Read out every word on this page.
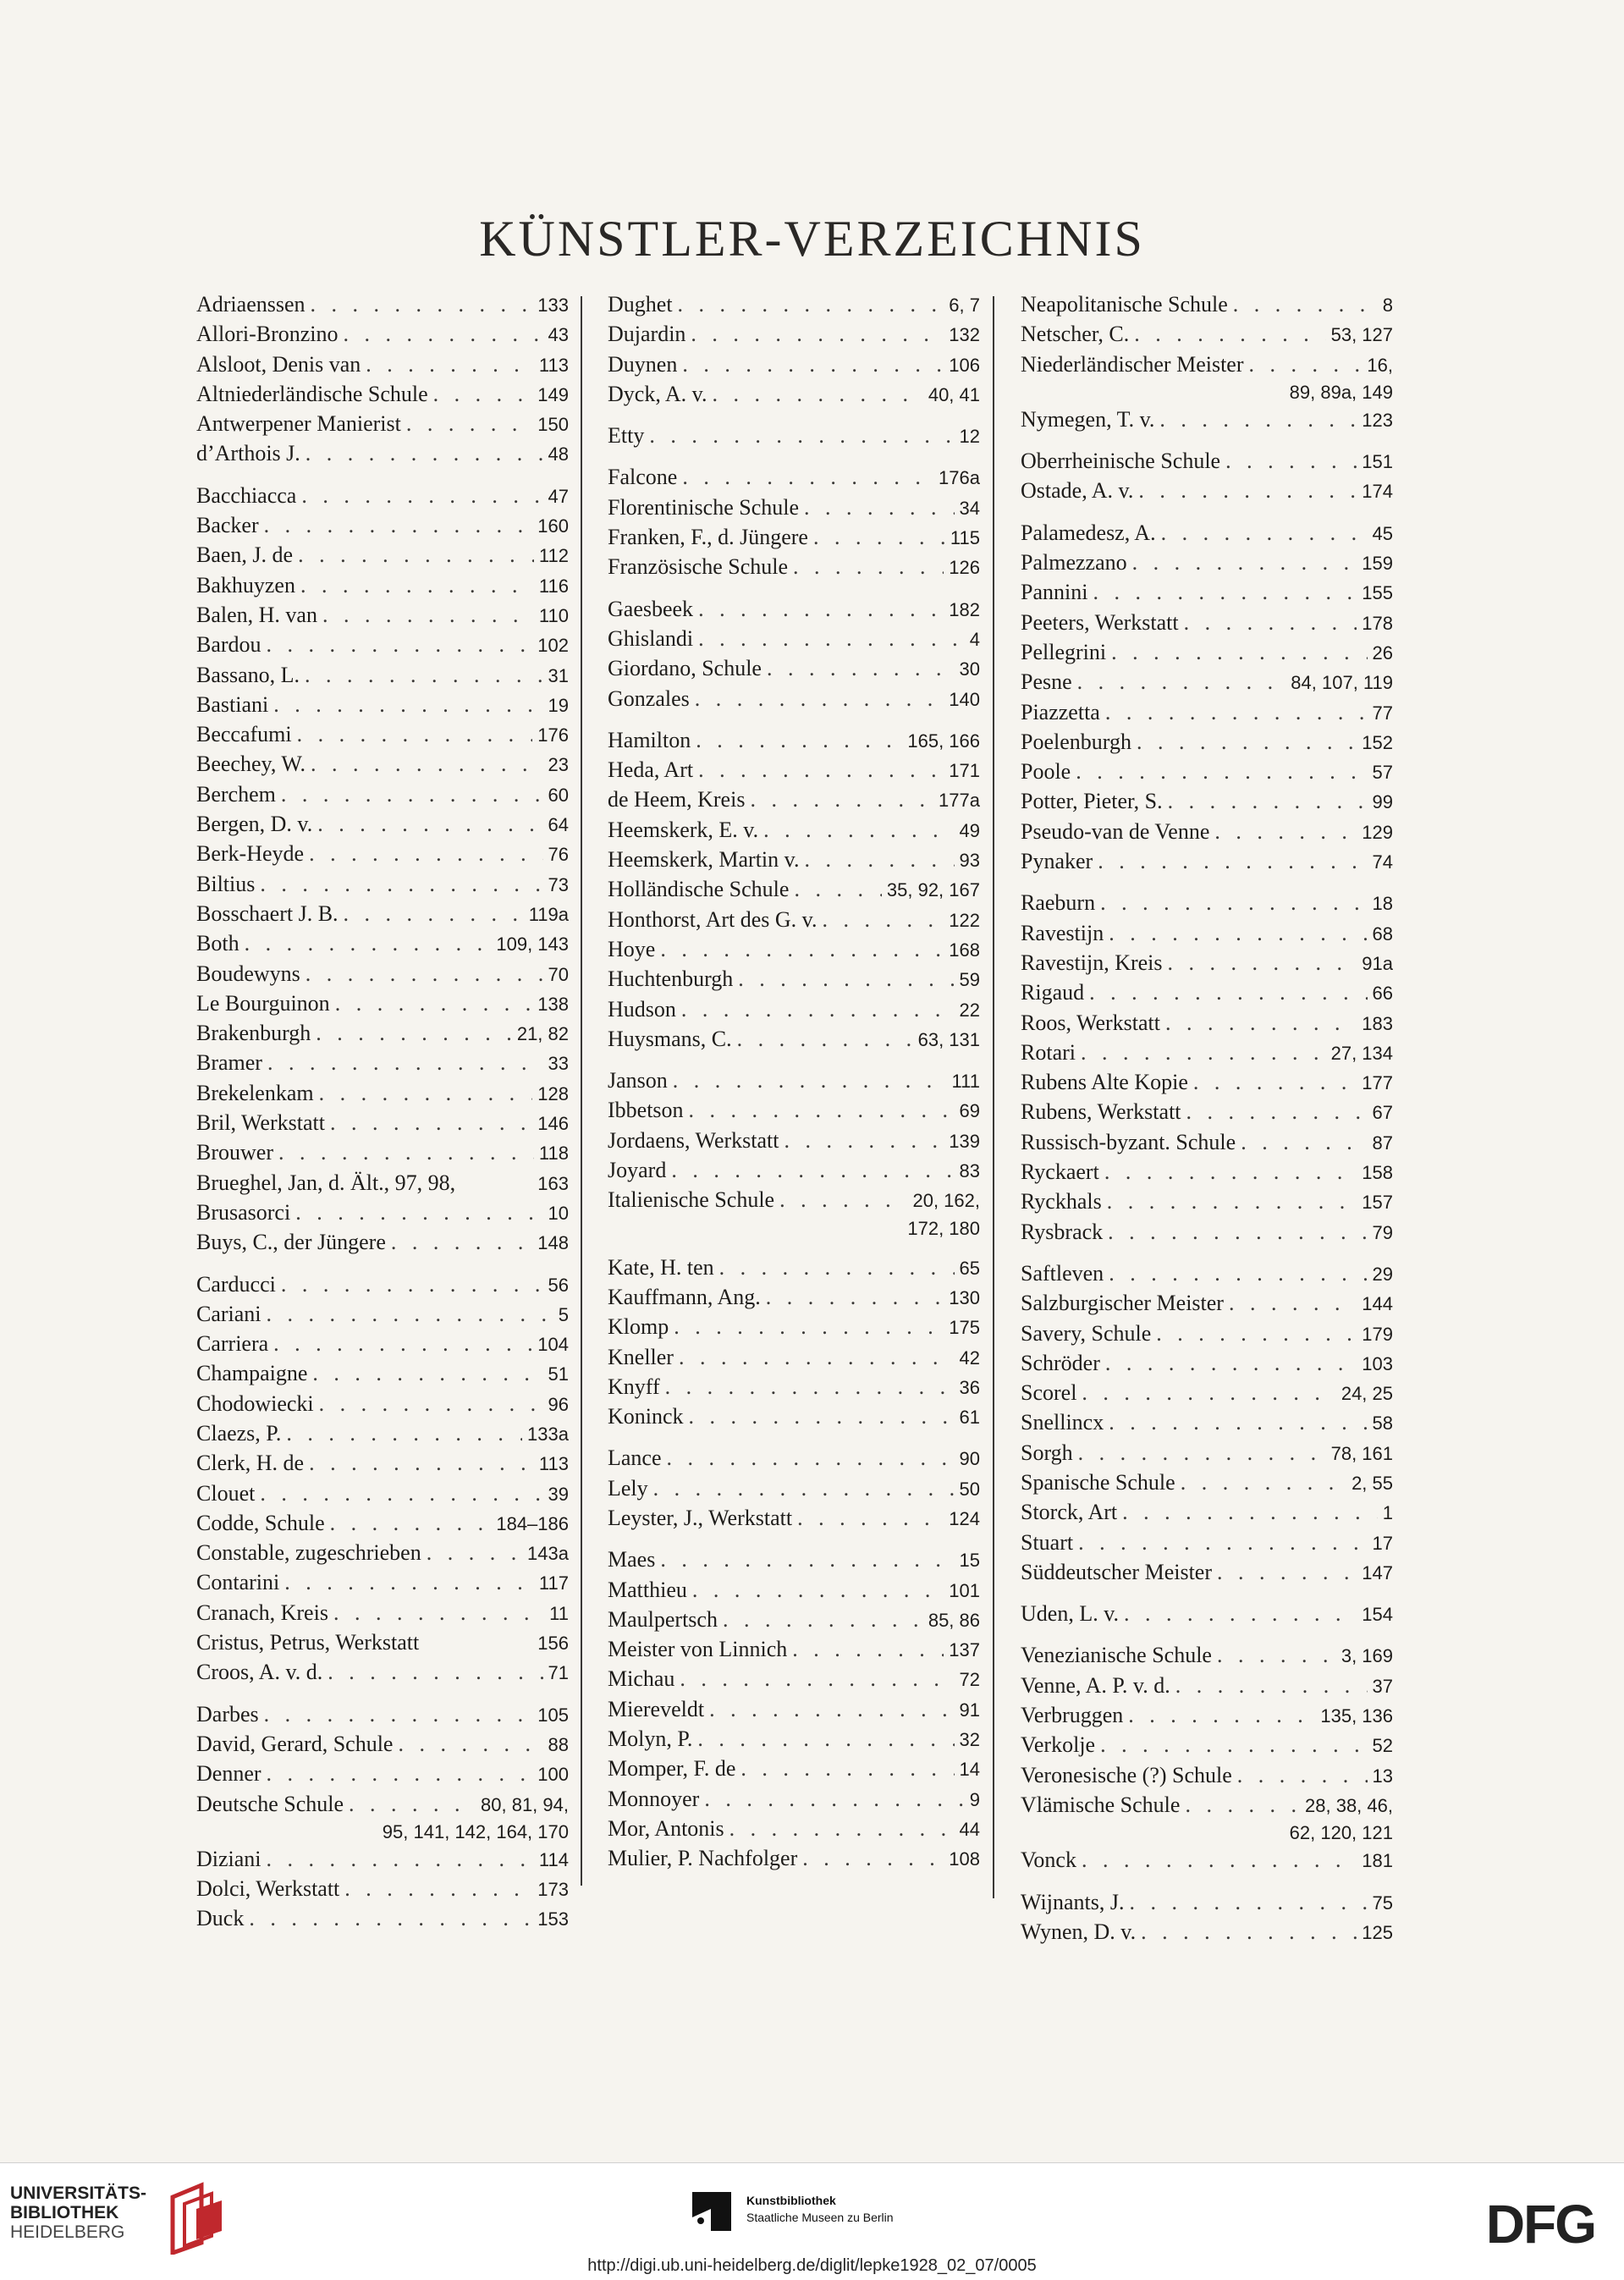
KÜNSTLER-VERZEICHNIS
Adriaenssen . . .	133
Allori-Bronzino . . .	43
Alsloot, Denis van . . .	113
Altniederländische Schule . . .	149
Antwerpener Manierist . . .	150
d’Arthois J. . . .	48
Bacchiacca . . .	47
Backer . . .	160
Baen, J. de . . .	112
Bakhuyzen . . .	116
Balen, H. van . . .	110
Bardou . . .	102
Bassano, L. . . .	31
Bastiani . . .	19
Beccafumi . . .	176
Beechey, W. . . .	23
Berchem . . .	60
Bergen, D. v. . . .	64
Berk-Heyde . . .	76
Biltius . . .	73
Bosschaert J. B. . . .	119a
Both . . .	109, 143
Boudewyns . . .	70
Le Bourguinon . . .	138
Brakenburgh . . .	21, 82
Bramer . . .	33
Brekelenkam . . .	128
Bril, Werkstatt . . .	146
Brouwer . . .	118
Brueghel, Jan, d. Ält., 97, 98,	163
Brusasorci . . .	10
Buys, C., der Jüngere . . .	148
Carducci . . .	56
Cariani . . .	5
Carriera . . .	104
Champaigne . . .	51
Chodowiecki . . .	96
Claezs, P. . . .	133a
Clerk, H. de . . .	113
Clouet . . .	39
Codde, Schule . . .	184–186
Constable, zugeschrieben . . .	143a
Contarini . . .	117
Cranach, Kreis . . .	11
Cristus, Petrus, Werkstatt	156
Croos, A. v. d. . . .	71
Darbes . . .	105
David, Gerard, Schule . . .	88
Denner . . .	100
Deutsche Schule . . .	80, 81, 94,
95, 141, 142, 164, 170
Diziani . . .	114
Dolci, Werkstatt . . .	173
Duck . . .	153
Dughet . . .	6, 7
Dujardin . . .	132
Duynen . . .	106
Dyck, A. v. . . .	40, 41
Etty . . .	12
Falcone . . .	176a
Florentinische Schule . . .	34
Franken, F., d. Jüngere . . .	115
Französische Schule . . .	126
Gaesbeek . . .	182
Ghislandi . . .	4
Giordano, Schule . . .	30
Gonzales . . .	140
Hamilton . . .	165, 166
Heda, Art . . .	171
de Heem, Kreis . . .	177a
Heemskerk, E. v. . . .	49
Heemskerk, Martin v. . . .	93
Holländische Schule . . .	35, 92, 167
Honthorst, Art des G. v. . . .	122
Hoye . . .	168
Huchtenburgh . . .	59
Hudson . . .	22
Huysmans, C. . . .	63, 131
Janson . . .	111
Ibbetson . . .	69
Jordaens, Werkstatt . . .	139
Joyard . . .	83
Italienische Schule . . .	20, 162,
172, 180
Kate, H. ten . . .	65
Kauffmann, Ang. . . .	130
Klomp . . .	175
Kneller . . .	42
Knyff . . .	36
Koninck . . .	61
Lance . . .	90
Lely . . .	50
Leyster, J., Werkstatt . . .	124
Maes . . .	15
Matthieu . . .	101
Maulpertsch . . .	85, 86
Meister von Linnich . . .	137
Michau . . .	72
Miereveldt . . .	91
Molyn, P. . . .	32
Momper, F. de . . .	14
Monnoyer . . .	9
Mor, Antonis . . .	44
Mulier, P. Nachfolger . . .	108
Neapolitanische Schule . . .	8
Netscher, C. . . .	53, 127
Niederländischer Meister . . .	16,
89, 89a, 149
Nymegen, T. v. . . .	123
Oberrheinische Schule . . .	151
Ostade, A. v. . . .	174
Palamedesz, A. . . .	45
Palmezzano . . .	159
Pannini . . .	155
Peeters, Werkstatt . . .	178
Pellegrini . . .	26
Pesne . . .	84, 107, 119
Piazzetta . . .	77
Poelenburgh . . .	152
Poole . . .	57
Potter, Pieter, S. . . .	99
Pseudo-van de Venne . . .	129
Pynaker . . .	74
Raeburn . . .	18
Ravestijn . . .	68
Ravestijn, Kreis . . .	91a
Rigaud . . .	66
Roos, Werkstatt . . .	183
Rotari . . .	27, 134
Rubens Alte Kopie . . .	177
Rubens, Werkstatt . . .	67
Russisch-byzant. Schule . . .	87
Ryckaert . . .	158
Ryckhals . . .	157
Rysbrack . . .	79
Saftleven . . .	29
Salzburgischer Meister . . .	144
Savery, Schule . . .	179
Schröder . . .	103
Scorel . . .	24, 25
Snellincx . . .	58
Sorgh . . .	78, 161
Spanische Schule . . .	2, 55
Storck, Art . . .	1
Stuart . . .	17
Süddeutscher Meister . . .	147
Uden, L. v. . . .	154
Venezianische Schule . . .	3, 169
Venne, A. P. v. d. . . .	37
Verbruggen . . .	135, 136
Verkolje . . .	52
Veronesische (?) Schule . . .	13
Vlämische Schule . . .	28, 38, 46,
62, 120, 121
Vonck . . .	181
Wijnants, J. . . .	75
Wynen, D. v. . . .	125
UNIVERSITÄTS-
BIBLIOTHEK
HEIDELBERG
Kunstbibliothek
Staatliche Museen zu Berlin	DFG
http://digi.ub.uni-heidelberg.de/diglit/lepke1928_02_07/0005
